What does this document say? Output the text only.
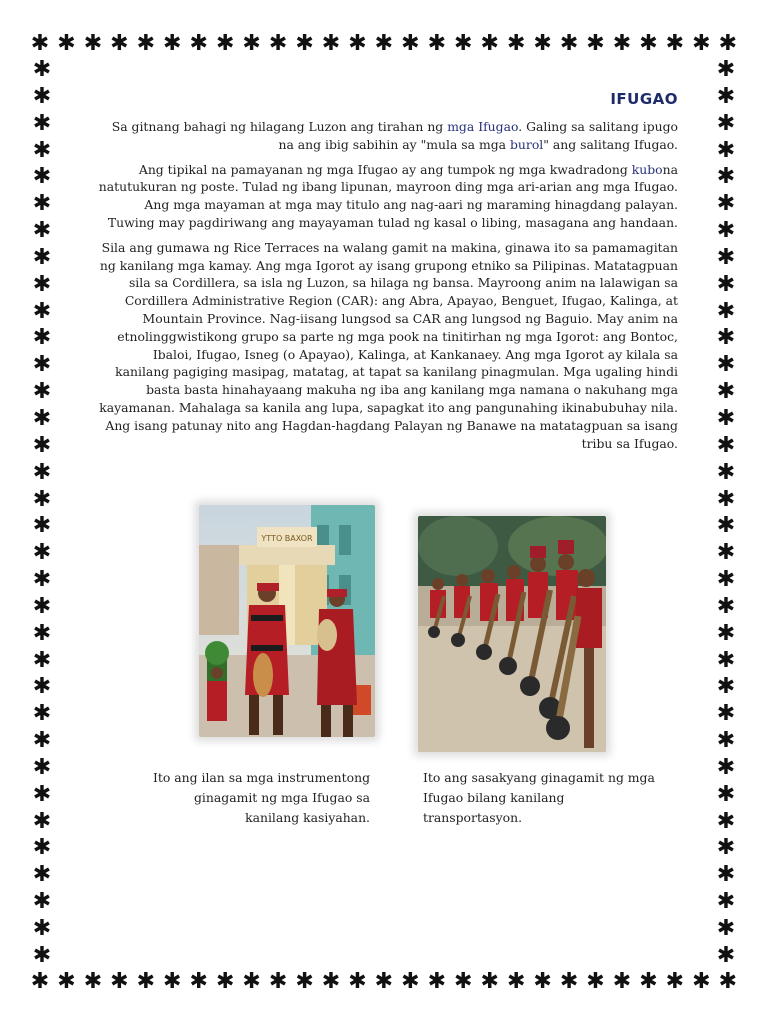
✱ ✱ ✱ ✱ ✱ ✱ ✱ ✱ ✱ ✱ ✱ ✱ ✱ ✱ ✱ ✱ ✱ ✱ ✱ ✱ ✱ ✱ ✱ ✱ ✱ ✱ ✱
✱ ✱ ✱ ✱ ✱ ✱ ✱ ✱ ✱ ✱ ✱ ✱ ✱ ✱ ✱ ✱ ✱ ✱ ✱ ✱ ✱ ✱ ✱ ✱ ✱ ✱ ✱
✱
✱
✱
✱
✱
✱
✱
✱
✱
✱
✱
✱
✱
✱
✱
✱
✱
✱
✱
✱
✱
✱
✱
✱
✱
✱
✱
✱
✱
✱
✱
✱
✱
✱
✱
✱
✱
✱
✱
✱
✱
✱
✱
✱
✱
✱
✱
✱
✱
✱
✱
✱
✱
✱
✱
✱
✱
✱
✱
✱
✱
✱
✱
✱
✱
✱
✱
✱
IFUGAO

Sa gitnang bahagi ng hilagang Luzon ang tirahan ng mga Ifugao. Galing sa salitang ipugo na ang ibig sabihin ay "mula sa mga burol" ang salitang Ifugao.

Ang tipikal na pamayanan ng mga Ifugao ay ang tumpok ng mga kwadradong kubona natutukuran ng poste. Tulad ng ibang lipunan, mayroon ding mga ari-arian ang mga Ifugao. Ang mga mayaman at mga may titulo ang nag-aari ng maraming hinagdang palayan. Tuwing may pagdiriwang ang mayayaman tulad ng kasal o libing, masagana ang handaan.

Sila ang gumawa ng Rice Terraces na walang gamit na makina, ginawa ito sa pamamagitan ng kanilang mga kamay. Ang mga Igorot ay isang grupong etniko sa Pilipinas. Matatagpuan sila sa Cordillera, sa isla ng Luzon, sa hilaga ng bansa. Mayroong anim na lalawigan sa Cordillera Administrative Region (CAR): ang Abra, Apayao, Benguet, Ifugao, Kalinga, at Mountain Province. Nag-iisang lungsod sa CAR ang lungsod ng Baguio. May anim na etnolinggwistikong grupo sa parte ng mga pook na tinitirhan ng mga Igorot: ang Bontoc, Ibaloi, Ifugao, Isneg (o Apayao), Kalinga, at Kankanaey. Ang mga Igorot ay kilala sa kanilang pagiging masipag, matatag, at tapat sa kanilang pinagmulan. Mga ugaling hindi basta basta hinahayaang makuha ng iba ang kanilang mga namana o nakuhang mga kayamanan. Mahalaga sa kanila ang lupa, sapagkat ito ang pangunahing ikinabubuhay nila. Ang isang patunay nito ang Hagdan-hagdang Palayan ng Banawe na matatagpuan sa isang tribu sa Ifugao.

YTTO BAXOR
Ito ang ilan sa mga instrumentong ginagamit ng mga Ifugao sa kanilang kasiyahan.
Ito ang sasakyang ginagamit ng mga Ifugao bilang kanilang transportasyon.
